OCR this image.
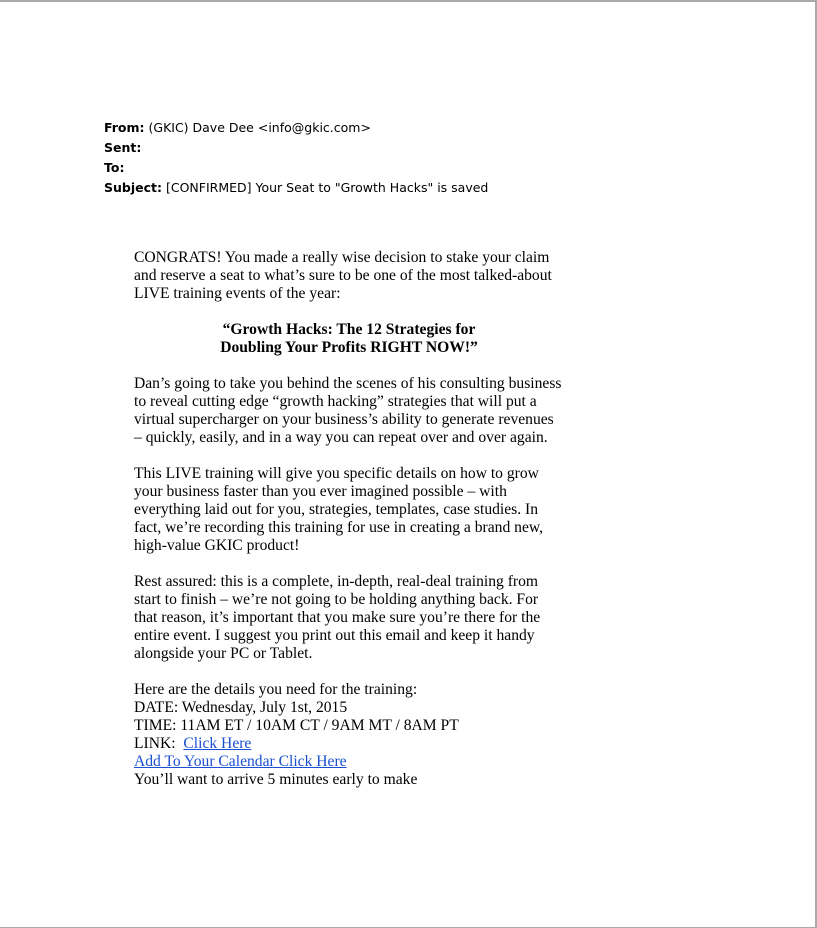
From: (GKIC) Dave Dee <info@gkic.com>
Sent:
To:
Subject: [CONFIRMED] Your Seat to "Growth Hacks" is saved

CONGRATS! You made a really wise decision to stake your claim and reserve a seat to what’s sure to be one of the most talked-about LIVE training events of the year:

“Growth Hacks: The 12 Strategies for
Doubling Your Profits RIGHT NOW!”

Dan’s going to take you behind the scenes of his consulting business to reveal cutting edge “growth hacking” strategies that will put a virtual supercharger on your business’s ability to generate revenues – quickly, easily, and in a way you can repeat over and over again.

This LIVE training will give you specific details on how to grow your business faster than you ever imagined possible – with everything laid out for you, strategies, templates, case studies. In fact, we’re recording this training for use in creating a brand new, high-value GKIC product!

Rest assured: this is a complete, in-depth, real-deal training from start to finish – we’re not going to be holding anything back. For that reason, it’s important that you make sure you’re there for the entire event. I suggest you print out this email and keep it handy alongside your PC or Tablet.

Here are the details you need for the training:
DATE: Wednesday, July 1st, 2015
TIME: 11AM ET / 10AM CT / 9AM MT / 8AM PT
LINK:  Click Here
Add To Your Calendar Click Here
You’ll want to arrive 5 minutes early to make
